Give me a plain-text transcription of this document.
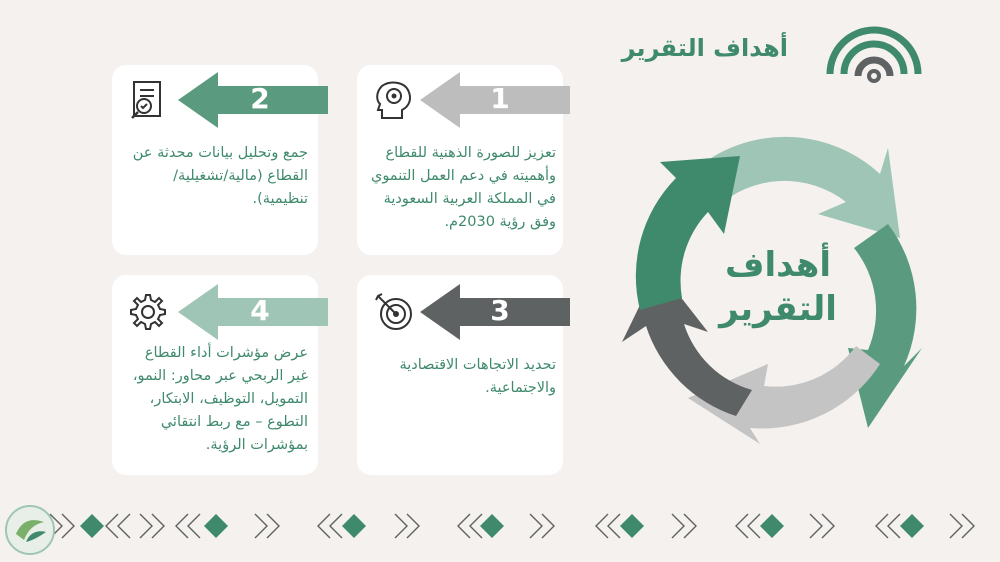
أهداف التقرير
أهداف
التقرير
1
تعزيز للصورة الذهنية للقطاع وأهميته في دعم العمل التنموي في المملكة العربية السعودية وفق رؤية 2030م.
2
جمع وتحليل بيانات محدثة عن القطاع (مالية/تشغيلية/ تنظيمية).
3
تحديد الاتجاهات الاقتصادية والاجتماعية.
4
عرض مؤشرات أداء القطاع غير الربحي عبر محاور: النمو، التمويل، التوظيف، الابتكار، التطوع – مع ربط انتقائي بمؤشرات الرؤية.
